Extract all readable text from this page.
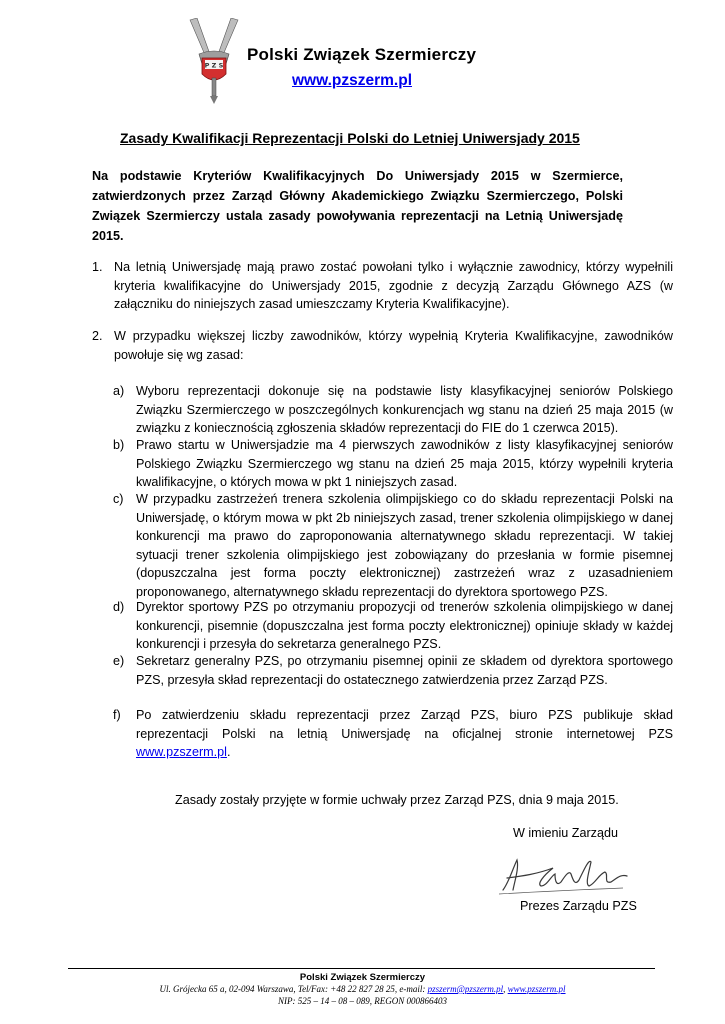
P Z S
Polski Związek Szermierczy
www.pzszerm.pl
Zasady Kwalifikacji Reprezentacji Polski do Letniej Uniwersjady 2015
Na podstawie Kryteriów Kwalifikacyjnych Do Uniwersjady 2015 w Szermierce, zatwierdzonych przez Zarząd Główny Akademickiego Związku Szermierczego, Polski Związek Szermierczy ustala zasady powoływania reprezentacji na Letnią Uniwersjadę 2015.
1. Na letnią Uniwersjadę mają prawo zostać powołani tylko i wyłącznie zawodnicy, którzy wypełnili kryteria kwalifikacyjne do Uniwersjady 2015, zgodnie z decyzją Zarządu Głównego AZS (w załączniku do niniejszych zasad umieszczamy Kryteria Kwalifikacyjne).
2. W przypadku większej liczby zawodników, którzy wypełnią Kryteria Kwalifikacyjne, zawodników powołuje się wg zasad:
a) Wyboru reprezentacji dokonuje się na podstawie listy klasyfikacyjnej seniorów Polskiego Związku Szermierczego w poszczególnych konkurencjach wg stanu na dzień 25 maja 2015 (w związku z koniecznością zgłoszenia składów reprezentacji do FIE do 1 czerwca 2015).
b) Prawo startu w Uniwersjadzie ma 4 pierwszych zawodników z listy klasyfikacyjnej seniorów Polskiego Związku Szermierczego wg stanu na dzień 25 maja 2015, którzy wypełnili kryteria kwalifikacyjne, o których mowa w pkt 1 niniejszych zasad.
c) W przypadku zastrzeżeń trenera szkolenia olimpijskiego co do składu reprezentacji Polski na Uniwersjadę, o którym mowa w pkt 2b niniejszych zasad, trener szkolenia olimpijskiego w danej konkurencji ma prawo do zaproponowania alternatywnego składu reprezentacji. W takiej sytuacji trener szkolenia olimpijskiego jest zobowiązany do przesłania w formie pisemnej (dopuszczalna jest forma poczty elektronicznej) zastrzeżeń wraz z uzasadnieniem proponowanego, alternatywnego składu reprezentacji do dyrektora sportowego PZS.
d) Dyrektor sportowy PZS po otrzymaniu propozycji od trenerów szkolenia olimpijskiego w danej konkurencji, pisemnie (dopuszczalna jest forma poczty elektronicznej) opiniuje składy w każdej konkurencji i przesyła do sekretarza generalnego PZS.
e) Sekretarz generalny PZS, po otrzymaniu pisemnej opinii ze składem od dyrektora sportowego PZS, przesyła skład reprezentacji do ostatecznego zatwierdzenia przez Zarząd PZS.
f) Po zatwierdzeniu składu reprezentacji przez Zarząd PZS, biuro PZS publikuje skład reprezentacji Polski na letnią Uniwersjadę na oficjalnej stronie internetowej PZS www.pzszerm.pl.
Zasady zostały przyjęte w formie uchwały przez Zarząd PZS, dnia 9 maja 2015.
W imieniu Zarządu
Prezes Zarządu PZS
Polski Związek Szermierczy
Ul. Grójecka 65 a, 02-094 Warszawa, Tel/Fax: +48 22 827 28 25, e-mail: pzszerm@pzszerm.pl, www.pzszerm.pl
NIP: 525 – 14 – 08 – 089, REGON 000866403
